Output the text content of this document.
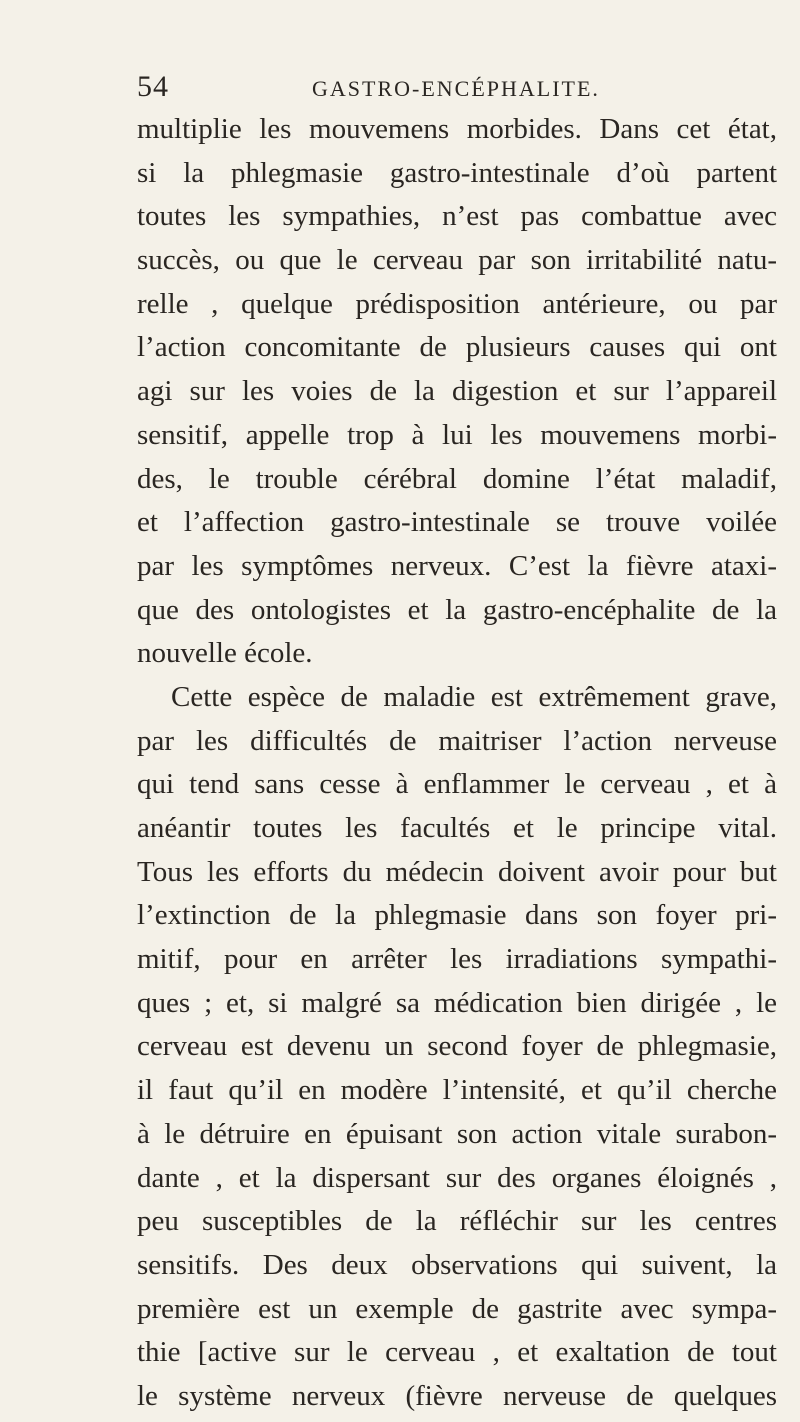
54	GASTRO-ENCÉPHALITE.
multiplie les mouvemens morbides. Dans cet état,
si la phlegmasie gastro-intestinale d’où partent
toutes les sympathies, n’est pas combattue avec
succès, ou que le cerveau par son irritabilité natu-
relle , quelque prédisposition antérieure, ou par
l’action concomitante de plusieurs causes qui ont
agi sur les voies de la digestion et sur l’appareil
sensitif, appelle trop à lui les mouvemens morbi-
des, le trouble cérébral domine l’état maladif,
et l’affection gastro-intestinale se trouve voilée
par les symptômes nerveux. C’est la fièvre ataxi-
que des ontologistes et la gastro-encéphalite de la
nouvelle école.
Cette espèce de maladie est extrêmement grave,
par les difficultés de maitriser l’action nerveuse
qui tend sans cesse à enflammer le cerveau , et à
anéantir toutes les facultés et le principe vital.
Tous les efforts du médecin doivent avoir pour but
l’extinction de la phlegmasie dans son foyer pri-
mitif, pour en arrêter les irradiations sympathi-
ques ; et, si malgré sa médication bien dirigée , le
cerveau est devenu un second foyer de phlegmasie,
il faut qu’il en modère l’intensité, et qu’il cherche
à le détruire en épuisant son action vitale surabon-
dante , et la dispersant sur des organes éloignés ,
peu susceptibles de la réfléchir sur les centres
sensitifs. Des deux observations qui suivent, la
première est un exemple de gastrite avec sympa-
thie [active sur le cerveau , et exaltation de tout
le système nerveux (fièvre nerveuse de quelques
